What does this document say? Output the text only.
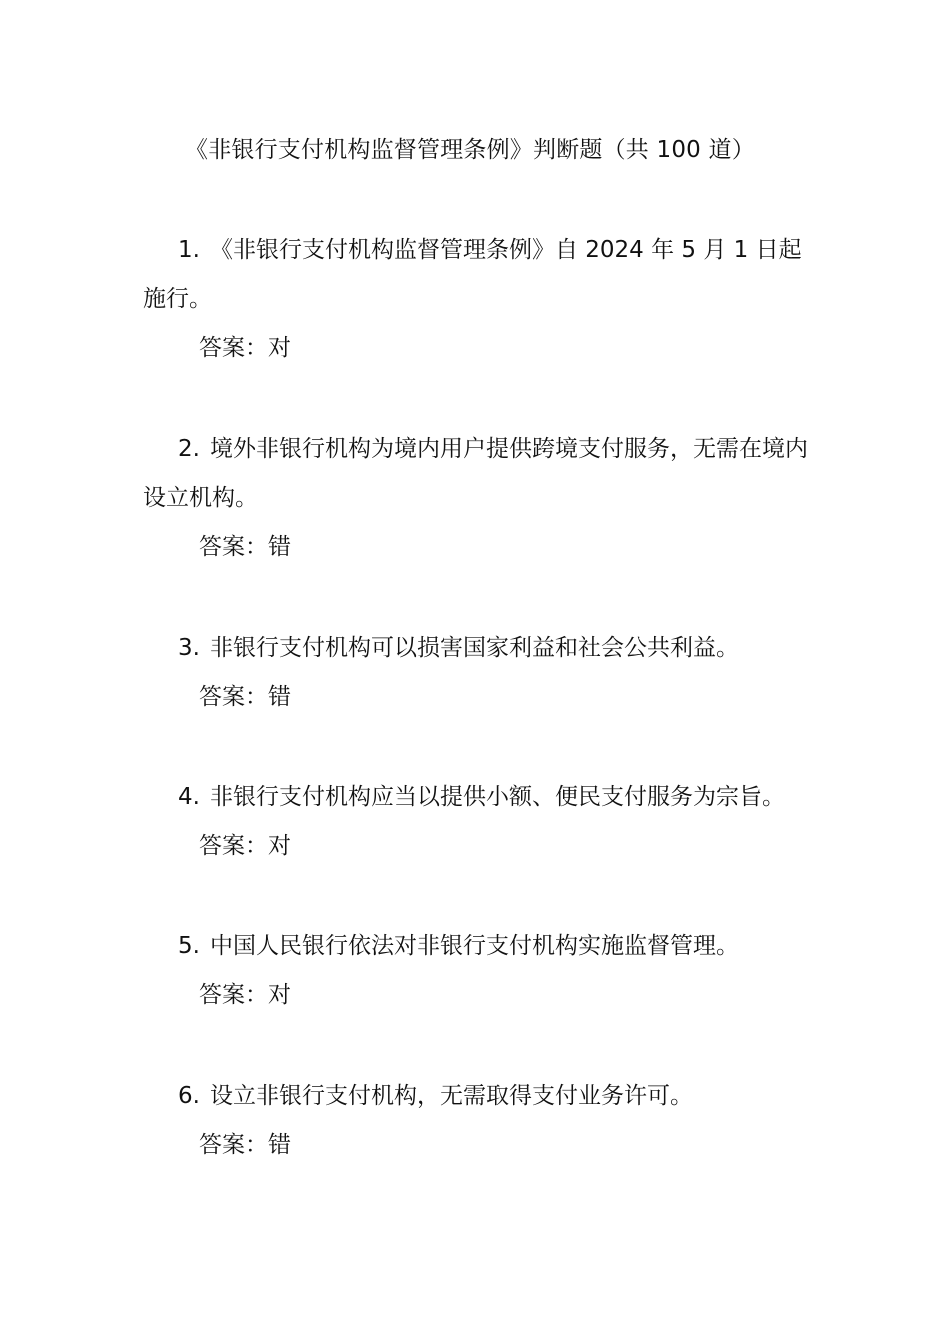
《非银行支付机构监督管理条例》判断题（共 100 道）

1. 《非银行支付机构监督管理条例》自 2024 年 5 月 1 日起施行。

答案：对

2. 境外非银行机构为境内用户提供跨境支付服务，无需在境内设立机构。

答案：错

3. 非银行支付机构可以损害国家利益和社会公共利益。

答案：错

4. 非银行支付机构应当以提供小额、便民支付服务为宗旨。

答案：对

5. 中国人民银行依法对非银行支付机构实施监督管理。

答案：对

6. 设立非银行支付机构，无需取得支付业务许可。

答案：错
